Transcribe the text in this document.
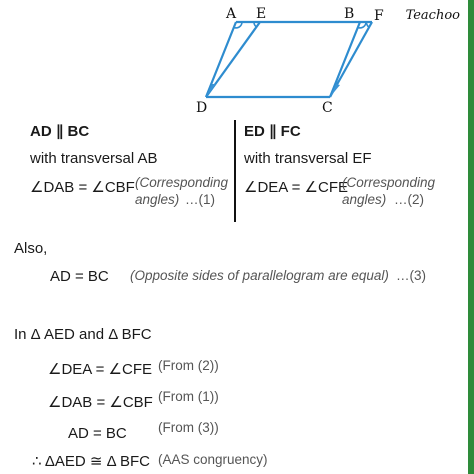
Teachoo
A E	B F
D	C
AD ∥ BC
with transversal AB
∠DAB = ∠CBF (Corresponding
angles) …(1)
ED ∥ FC
with transversal EF
∠DEA = ∠CFE
(Corresponding
angles) …(2)
Also,
AD = BC (Opposite sides of parallelogram are equal) …(3)
In Δ AED and Δ BFC
∠DEA = ∠CFE (From (2))
∠DAB = ∠CBF (From (1))
AD = BC (From (3))
∴ ΔAED ≅ Δ BFC (AAS congruency)
